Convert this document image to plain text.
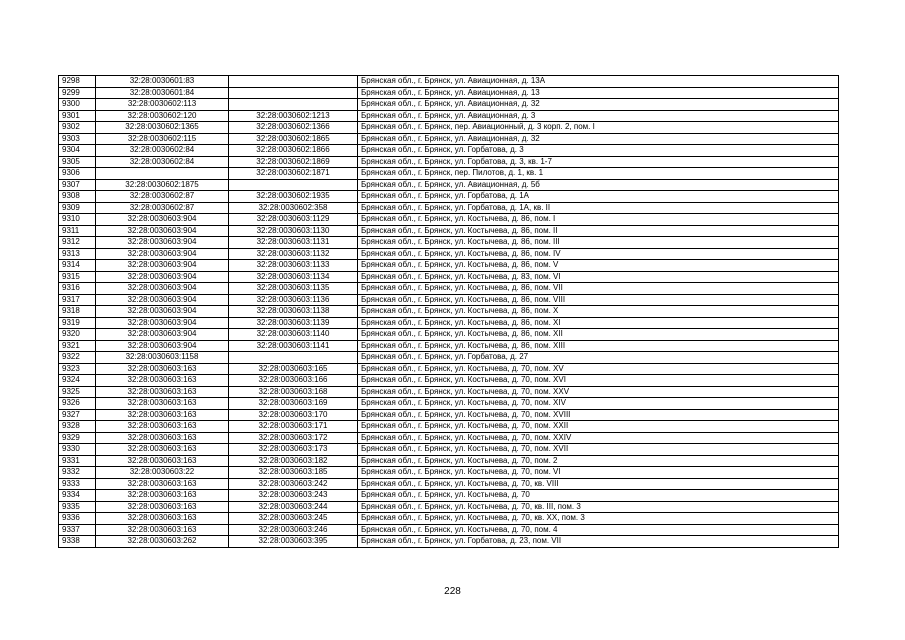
9298	32:28:0030601:83		Брянская обл., г. Брянск, ул. Авиационная, д. 13А
9299	32:28:0030601:84		Брянская обл., г. Брянск, ул. Авиационная, д. 13
9300	32:28:0030602:113		Брянская обл., г. Брянск, ул. Авиационная, д. 32
9301	32:28:0030602:120	32:28:0030602:1213	Брянская обл., г. Брянск, ул. Авиационная, д. 3
9302	32:28:0030602:1365	32:28:0030602:1366	Брянская обл., г. Брянск, пер. Авиационный, д. 3 корп. 2, пом. I
9303	32:28:0030602:115	32:28:0030602:1865	Брянская обл., г. Брянск, ул. Авиационная, д. 32
9304	32:28:0030602:84	32:28:0030602:1866	Брянская обл., г. Брянск, ул. Горбатова, д. 3
9305	32:28:0030602:84	32:28:0030602:1869	Брянская обл., г. Брянск, ул. Горбатова, д. 3, кв. 1-7
9306		32:28:0030602:1871	Брянская обл., г. Брянск, пер. Пилотов, д. 1, кв. 1
9307	32:28:0030602:1875		Брянская обл., г. Брянск, ул. Авиационная, д. 5б
9308	32:28:0030602:87	32:28:0030602:1935	Брянская обл., г. Брянск, ул. Горбатова, д. 1А
9309	32:28:0030602:87	32:28:0030602:358	Брянская обл., г. Брянск, ул. Горбатова, д. 1А, кв. II
9310	32:28:0030603:904	32:28:0030603:1129	Брянская обл., г. Брянск, ул. Костычева, д. 86, пом. I
9311	32:28:0030603:904	32:28:0030603:1130	Брянская обл., г. Брянск, ул. Костычева, д. 86, пом. II
9312	32:28:0030603:904	32:28:0030603:1131	Брянская обл., г. Брянск, ул. Костычева, д. 86, пом. III
9313	32:28:0030603:904	32:28:0030603:1132	Брянская обл., г. Брянск, ул. Костычева, д. 86, пом. IV
9314	32:28:0030603:904	32:28:0030603:1133	Брянская обл., г. Брянск, ул. Костычева, д. 86, пом. V
9315	32:28:0030603:904	32:28:0030603:1134	Брянская обл., г. Брянск, ул. Костычева, д. 83, пом. VI
9316	32:28:0030603:904	32:28:0030603:1135	Брянская обл., г. Брянск, ул. Костычева, д. 86, пом. VII
9317	32:28:0030603:904	32:28:0030603:1136	Брянская обл., г. Брянск, ул. Костычева, д. 86, пом. VIII
9318	32:28:0030603:904	32:28:0030603:1138	Брянская обл., г. Брянск, ул. Костычева, д. 86, пом. X
9319	32:28:0030603:904	32:28:0030603:1139	Брянская обл., г. Брянск, ул. Костычева, д. 86, пом. XI
9320	32:28:0030603:904	32:28:0030603:1140	Брянская обл., г. Брянск, ул. Костычева, д. 86, пом. XII
9321	32:28:0030603:904	32:28:0030603:1141	Брянская обл., г. Брянск, ул. Костычева, д. 86, пом. XIII
9322	32:28:0030603:1158		Брянская обл., г. Брянск, ул. Горбатова, д. 27
9323	32:28:0030603:163	32:28:0030603:165	Брянская обл., г. Брянск, ул. Костычева, д. 70, пом. XV
9324	32:28:0030603:163	32:28:0030603:166	Брянская обл., г. Брянск, ул. Костычева, д. 70, пом. XVI
9325	32:28:0030603:163	32:28:0030603:168	Брянская обл., г. Брянск, ул. Костычева, д. 70, пом. XXV
9326	32:28:0030603:163	32:28:0030603:169	Брянская обл., г. Брянск, ул. Костычева, д. 70, пом. XIV
9327	32:28:0030603:163	32:28:0030603:170	Брянская обл., г. Брянск, ул. Костычева, д. 70, пом. XVIII
9328	32:28:0030603:163	32:28:0030603:171	Брянская обл., г. Брянск, ул. Костычева, д. 70, пом. XXII
9329	32:28:0030603:163	32:28:0030603:172	Брянская обл., г. Брянск, ул. Костычева, д. 70, пом. XXIV
9330	32:28:0030603:163	32:28:0030603:173	Брянская обл., г. Брянск, ул. Костычева, д. 70, пом. XVII
9331	32:28:0030603:163	32:28:0030603:182	Брянская обл., г. Брянск, ул. Костычева, д. 70, пом. 2
9332	32:28:0030603:22	32:28:0030603:185	Брянская обл., г. Брянск, ул. Костычева, д. 70, пом. VI
9333	32:28:0030603:163	32:28:0030603:242	Брянская обл., г. Брянск, ул. Костычева, д. 70, кв. VIII
9334	32:28:0030603:163	32:28:0030603:243	Брянская обл., г. Брянск, ул. Костычева, д. 70
9335	32:28:0030603:163	32:28:0030603:244	Брянская обл., г. Брянск, ул. Костычева, д. 70, кв. III, пом. 3
9336	32:28:0030603:163	32:28:0030603:245	Брянская обл., г. Брянск, ул. Костычева, д. 70, кв. XX, пом. 3
9337	32:28:0030603:163	32:28:0030603:246	Брянская обл., г. Брянск, ул. Костычева, д. 70, пом. 4
9338	32:28:0030603:262	32:28:0030603:395	Брянская обл., г. Брянск, ул. Горбатова, д. 23, пом. VII
228
